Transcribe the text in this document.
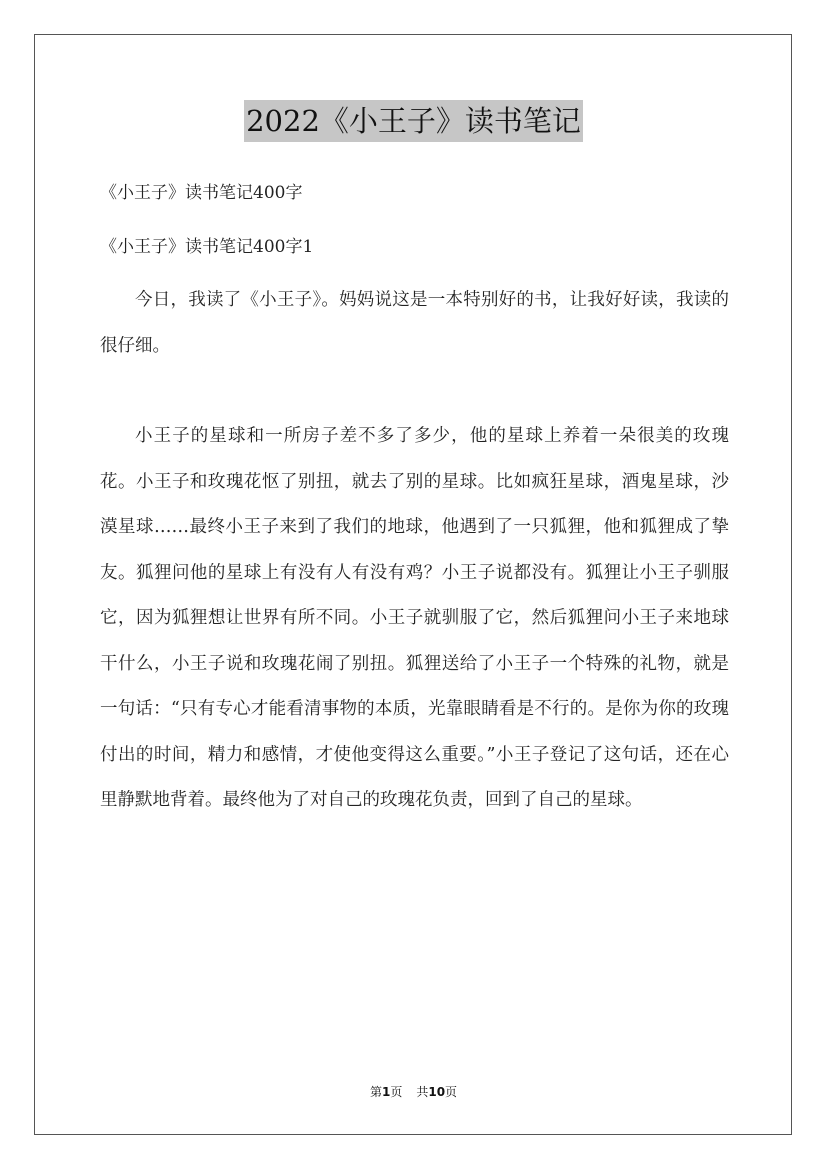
2022《小王子》读书笔记
《小王子》读书笔记400字
《小王子》读书笔记400字1

今日，我读了《小王子》。妈妈说这是一本特别好的书，让我好好读，我读的很仔细。

小王子的星球和一所房子差不多了多少，他的星球上养着一朵很美的玫瑰花。小王子和玫瑰花怄了别扭，就去了别的星球。比如疯狂星球，酒鬼星球，沙漠星球……最终小王子来到了我们的地球，他遇到了一只狐狸，他和狐狸成了挚友。狐狸问他的星球上有没有人有没有鸡？小王子说都没有。狐狸让小王子驯服它，因为狐狸想让世界有所不同。小王子就驯服了它，然后狐狸问小王子来地球干什么，小王子说和玫瑰花闹了别扭。狐狸送给了小王子一个特殊的礼物，就是一句话：“只有专心才能看清事物的本质，光靠眼睛看是不行的。是你为你的玫瑰付出的时间，精力和感情，才使他变得这么重要。”小王子登记了这句话，还在心里静默地背着。最终他为了对自己的玫瑰花负责，回到了自己的星球。

第1页 共10页
